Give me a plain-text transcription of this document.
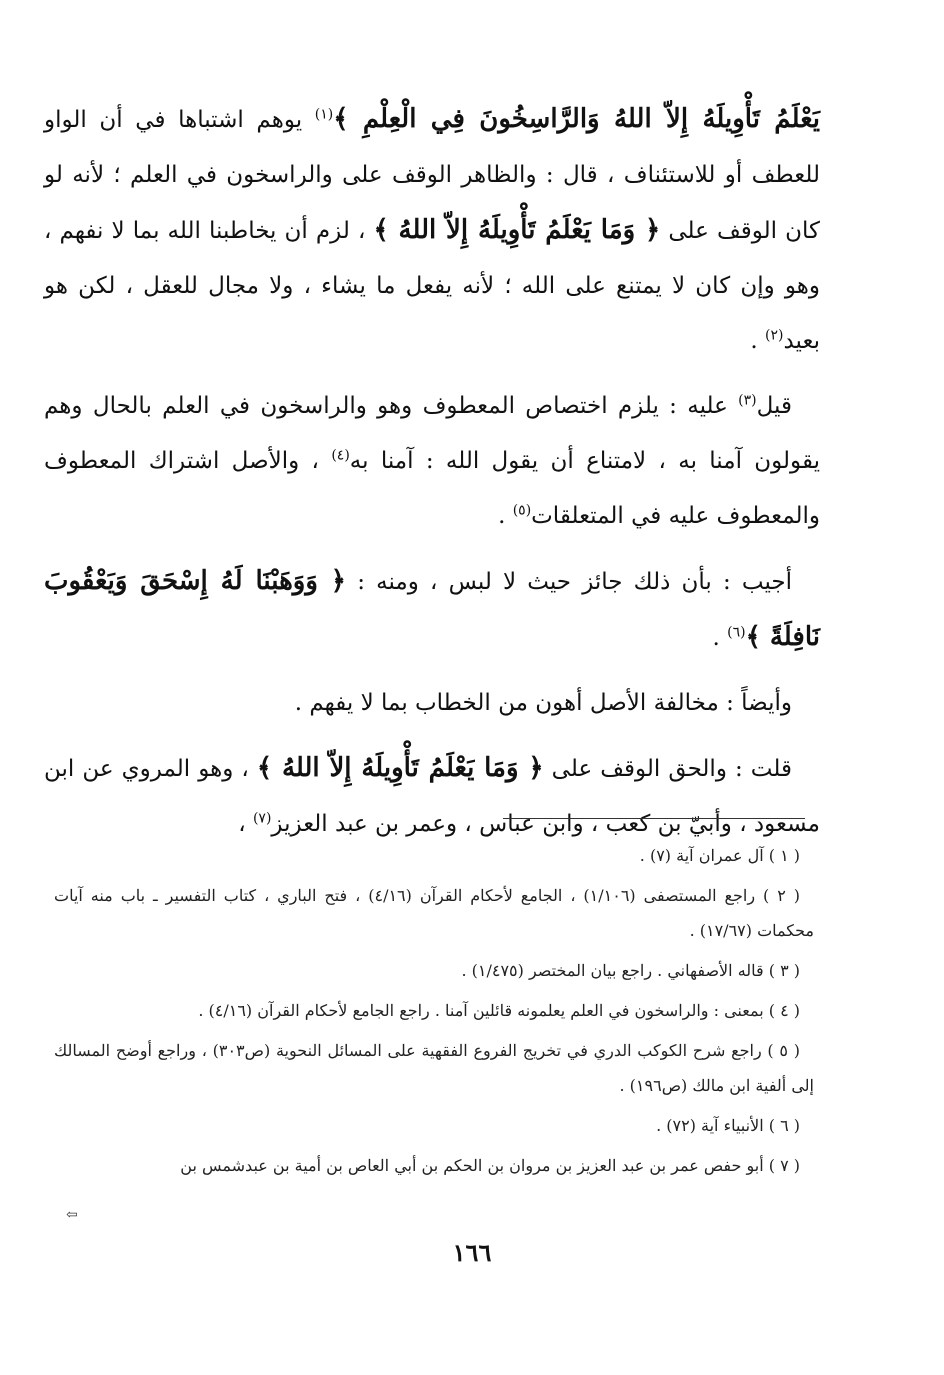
يَعْلَمُ تَأْوِيلَهُ إِلاّ اللهُ وَالرَّاسِخُونَ فِي الْعِلْمِ ﴾$^{(١)}$ يوهم اشتباها في أن الواو للعطف أو للاستئناف ، قال : والظاهر الوقف على والراسخون في العلم ؛ لأنه لو كان الوقف على ﴿ وَمَا يَعْلَمُ تَأْوِيلَهُ إِلاّ اللهُ ﴾ ، لزم أن يخاطبنا الله بما لا نفهم ، وهو وإن كان لا يمتنع على الله ؛ لأنه يفعل ما يشاء ، ولا مجال للعقل ، لكن هو بعيد$^{(٢)}$ .

قيل$^{(٣)}$ عليه : يلزم اختصاص المعطوف وهو والراسخون في العلم بالحال وهم يقولون آمنا به ، لامتناع أن يقول الله : آمنا به$^{(٤)}$ ، والأصل اشتراك المعطوف والمعطوف عليه في المتعلقات$^{(٥)}$ .

أجيب : بأن ذلك جائز حيث لا لبس ، ومنه : ﴿ وَوَهَبْنَا لَهُ إِسْحَقَ وَيَعْقُوبَ نَافِلَةً ﴾$^{(٦)}$ .

وأيضاً : مخالفة الأصل أهون من الخطاب بما لا يفهم .

قلت : والحق الوقف على ﴿ وَمَا يَعْلَمُ تَأْوِيلَهُ إِلاّ اللهُ ﴾ ، وهو المروي عن ابن مسعود ، وأبيّ بن كعب ، وابن عباس ، وعمر بن عبد العزيز$^{(٧)}$ ،

( ١ ) آل عمران آية (٧) .

( ٢ ) راجع المستصفى (١/١٠٦) ، الجامع لأحكام القرآن (٤/١٦) ، فتح الباري ، كتاب التفسير ـ باب منه آيات محكمات (١٧/٦٧) .

( ٣ ) قاله الأصفهاني . راجع بيان المختصر (١/٤٧٥) .

( ٤ ) بمعنى : والراسخون في العلم يعلمونه قائلين آمنا . راجع الجامع لأحكام القرآن (٤/١٦) .

( ٥ ) راجع شرح الكوكب الدري في تخريج الفروع الفقهية على المسائل النحوية (ص٣٠٣) ، وراجع أوضح المسالك إلى ألفية ابن مالك (ص١٩٦) .

( ٦ ) الأنبياء آية (٧٢) .

( ٧ ) أبو حفص عمر بن عبد العزيز بن مروان بن الحكم بن أبي العاص بن أمية بن عبدشمس بن

⇨
١٦٦
